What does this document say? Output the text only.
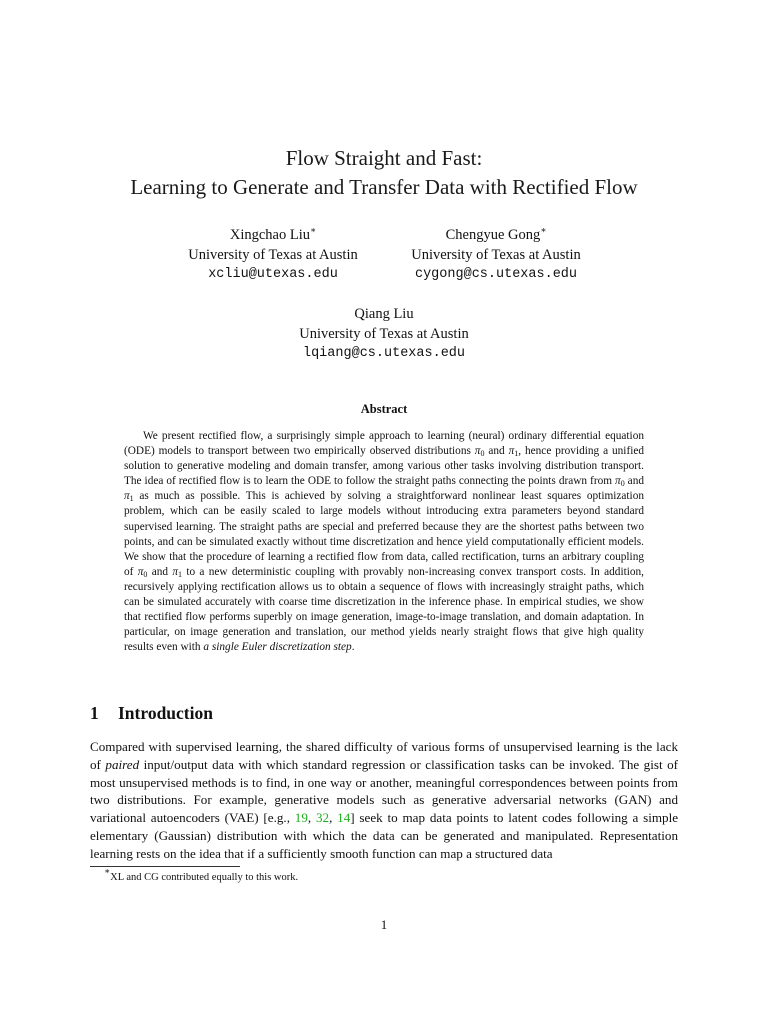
Flow Straight and Fast:
Learning to Generate and Transfer Data with Rectified Flow
Xingchao Liu∗
University of Texas at Austin
xcliu@utexas.edu
Chengyue Gong∗
University of Texas at Austin
cygong@cs.utexas.edu
Qiang Liu
University of Texas at Austin
lqiang@cs.utexas.edu
Abstract

We present rectified flow, a surprisingly simple approach to learning (neural) ordinary differential equation (ODE) models to transport between two empirically observed distributions $\pi_0$ and $\pi_1$, hence providing a unified solution to generative modeling and domain transfer, among various other tasks involving distribution transport. The idea of rectified flow is to learn the ODE to follow the straight paths connecting the points drawn from $\pi_0$ and $\pi_1$ as much as possible. This is achieved by solving a straightforward nonlinear least squares optimization problem, which can be easily scaled to large models without introducing extra parameters beyond standard supervised learning. The straight paths are special and preferred because they are the shortest paths between two points, and can be simulated exactly without time discretization and hence yield computationally efficient models. We show that the procedure of learning a rectified flow from data, called rectification, turns an arbitrary coupling of $\pi_0$ and $\pi_1$ to a new deterministic coupling with provably non-increasing convex transport costs. In addition, recursively applying rectification allows us to obtain a sequence of flows with increasingly straight paths, which can be simulated accurately with coarse time discretization in the inference phase. In empirical studies, we show that rectified flow performs superbly on image generation, image-to-image translation, and domain adaptation. In particular, on image generation and translation, our method yields nearly straight flows that give high quality results even with a single Euler discretization step.

1 Introduction

Compared with supervised learning, the shared difficulty of various forms of unsupervised learning is the lack of paired input/output data with which standard regression or classification tasks can be invoked. The gist of most unsupervised methods is to find, in one way or another, meaningful correspondences between points from two distributions. For example, generative models such as generative adversarial networks (GAN) and variational autoencoders (VAE) [e.g., 19, 32, 14] seek to map data points to latent codes following a simple elementary (Gaussian) distribution with which the data can be generated and manipulated. Representation learning rests on the idea that if a sufficiently smooth function can map a structured data

∗XL and CG contributed equally to this work.
1
